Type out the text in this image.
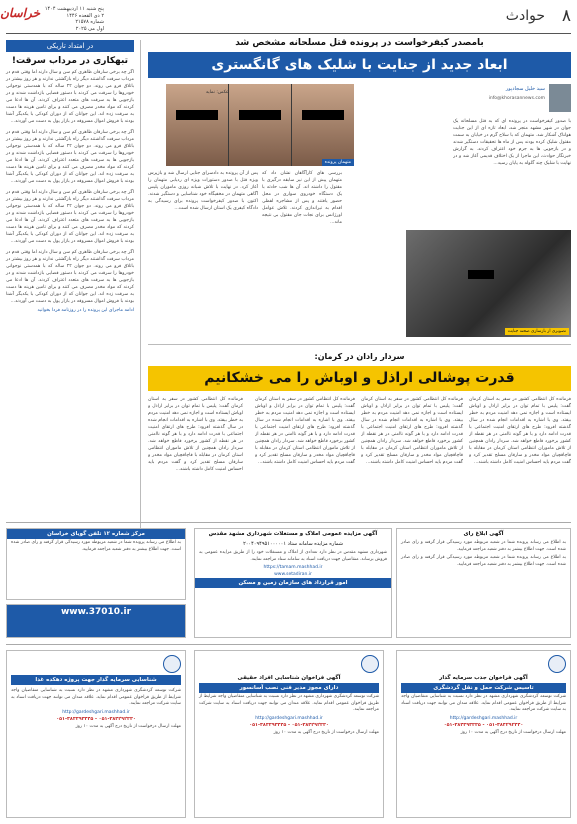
۸
حوادث
خراسان پنج شنبه ۱۱ اردیبهشت ۱۴۰۴
۲ ذی القعده ۱۴۴۶
شماره ۲۱۵۷۸
اول می ۲۰۲۵
در امتداد تاریکی
تبهکاری در مرداب سرقت!
اگر چه برخی سارقان ظاهری کم سن و سال دارند اما وقتی قدم در مرداب سرقت گذاشتند دیگر راه بازگشتی ندارند و هر روز بیشتر در باتلاق فرو می روند. دو جوان ۲۲ ساله که با همدستی نوجوانی خودروها را سرقت می کردند با دستور قضایی بازداشت شدند و در بازجویی ها به سرقت های متعدد اعتراف کردند. آن ها ادعا می کردند که مواد مخدر مصرف می کنند و برای تامین هزینه ها دست به سرقت زده اند. این جوانان که از دوران کودکی با یکدیگر آشنا بودند با فروش اموال مسروقه در بازار پول به دست می آوردند...
اگر چه برخی سارقان ظاهری کم سن و سال دارند اما وقتی قدم در مرداب سرقت گذاشتند دیگر راه بازگشتی ندارند و هر روز بیشتر در باتلاق فرو می روند. دو جوان ۲۲ ساله که با همدستی نوجوانی خودروها را سرقت می کردند با دستور قضایی بازداشت شدند و در بازجویی ها به سرقت های متعدد اعتراف کردند. آن ها ادعا می کردند که مواد مخدر مصرف می کنند و برای تامین هزینه ها دست به سرقت زده اند. این جوانان که از دوران کودکی با یکدیگر آشنا بودند با فروش اموال مسروقه در بازار پول به دست می آوردند...
اگر چه برخی سارقان ظاهری کم سن و سال دارند اما وقتی قدم در مرداب سرقت گذاشتند دیگر راه بازگشتی ندارند و هر روز بیشتر در باتلاق فرو می روند. دو جوان ۲۲ ساله که با همدستی نوجوانی خودروها را سرقت می کردند با دستور قضایی بازداشت شدند و در بازجویی ها به سرقت های متعدد اعتراف کردند. آن ها ادعا می کردند که مواد مخدر مصرف می کنند و برای تامین هزینه ها دست به سرقت زده اند. این جوانان که از دوران کودکی با یکدیگر آشنا بودند با فروش اموال مسروقه در بازار پول به دست می آوردند...
اگر چه برخی سارقان ظاهری کم سن و سال دارند اما وقتی قدم در مرداب سرقت گذاشتند دیگر راه بازگشتی ندارند و هر روز بیشتر در باتلاق فرو می روند. دو جوان ۲۲ ساله که با همدستی نوجوانی خودروها را سرقت می کردند با دستور قضایی بازداشت شدند و در بازجویی ها به سرقت های متعدد اعتراف کردند. آن ها ادعا می کردند که مواد مخدر مصرف می کنند و برای تامین هزینه ها دست به سرقت زده اند. این جوانان که از دوران کودکی با یکدیگر آشنا بودند با فروش اموال مسروقه در بازار پول به دست می آوردند...
ادامه ماجرای این پرونده را در روزنامه فردا بخوانید
بامصدر کیفرخواست در پرونده قتل مسلحانه مشخص شد
ابعاد جدید از جنایت با شلیک های گانگستری
سید خلیل سجادپور
info@khorasannews.com
متهمان پرونده
عکس: نمایه
با صدور کیفرخواست در پرونده ای که به قتل مسلحانه یک جوان در شهر مشهد منجر شد، ابعاد تازه ای از این جنایت هولناک آشکار شد. متهمان که با سلاح گرم در خیابان به سمت مقتول شلیک کرده بودند پس از ماه ها تحقیقات دستگیر شدند و در بازجویی ها به جرم خود اعتراف کردند. به گزارش خبرنگار حوادث، این ماجرا از یک اختلاف قدیمی آغاز شد و در نهایت با شلیک چند گلوله به پایان رسید...
پس از آن پرونده به دادسرای جنایی ارسال شد و بازپرس ویژه قتل با صدور دستورات ویژه ای ردیابی متهمان را آغاز کرد. در نهایت با تلاش شبانه روزی ماموران پلیس آگاهی متهمان در مخفیگاه خود شناسایی و دستگیر شدند. اکنون با صدور کیفرخواست پرونده برای رسیدگی به دادگاه کیفری یک استان ارسال شده است...
بررسی های کارآگاهان نشان داد که متهمان پیش از این نیز سابقه درگیری با مقتول را داشته اند. آن ها شب حادثه با یک دستگاه خودروی سواری در محل حضور یافتند و پس از مشاجره لفظی اقدام به تیراندازی کردند. تلاش عوامل اورژانس برای نجات جان مقتول بی نتیجه ماند...
تصویری از بازسازی صحنه جنایت
سردار رادان در کرمان:
قدرت پوشالی اراذل و اوباش را می خشکانیم
فرمانده کل انتظامی کشور در سفر به استان کرمان گفت: پلیس با تمام توان در برابر اراذل و اوباش ایستاده است و اجازه نمی دهد امنیت مردم به خطر بیفتد. وی با اشاره به اقدامات انجام شده در سال گذشته افزود: طرح های ارتقای امنیت اجتماعی با قدرت ادامه دارد و با هر گونه ناامنی در هر نقطه از کشور برخورد قاطع خواهد شد. سردار رادان همچنین از تلاش ماموران انتظامی استان کرمان در مقابله با قاچاقچیان مواد مخدر و سارقان مسلح تقدیر کرد و گفت مردم باید احساس امنیت کامل داشته باشند...
فرمانده کل انتظامی کشور در سفر به استان کرمان گفت: پلیس با تمام توان در برابر اراذل و اوباش ایستاده است و اجازه نمی دهد امنیت مردم به خطر بیفتد. وی با اشاره به اقدامات انجام شده در سال گذشته افزود: طرح های ارتقای امنیت اجتماعی با قدرت ادامه دارد و با هر گونه ناامنی در هر نقطه از کشور برخورد قاطع خواهد شد. سردار رادان همچنین از تلاش ماموران انتظامی استان کرمان در مقابله با قاچاقچیان مواد مخدر و سارقان مسلح تقدیر کرد و گفت مردم باید احساس امنیت کامل داشته باشند...
فرمانده کل انتظامی کشور در سفر به استان کرمان گفت: پلیس با تمام توان در برابر اراذل و اوباش ایستاده است و اجازه نمی دهد امنیت مردم به خطر بیفتد. وی با اشاره به اقدامات انجام شده در سال گذشته افزود: طرح های ارتقای امنیت اجتماعی با قدرت ادامه دارد و با هر گونه ناامنی در هر نقطه از کشور برخورد قاطع خواهد شد. سردار رادان همچنین از تلاش ماموران انتظامی استان کرمان در مقابله با قاچاقچیان مواد مخدر و سارقان مسلح تقدیر کرد و گفت مردم باید احساس امنیت کامل داشته باشند...
فرمانده کل انتظامی کشور در سفر به استان کرمان گفت: پلیس با تمام توان در برابر اراذل و اوباش ایستاده است و اجازه نمی دهد امنیت مردم به خطر بیفتد. وی با اشاره به اقدامات انجام شده در سال گذشته افزود: طرح های ارتقای امنیت اجتماعی با قدرت ادامه دارد و با هر گونه ناامنی در هر نقطه از کشور برخورد قاطع خواهد شد. سردار رادان همچنین از تلاش ماموران انتظامی استان کرمان در مقابله با قاچاقچیان مواد مخدر و سارقان مسلح تقدیر کرد و گفت مردم باید احساس امنیت کامل داشته باشند...
آگهی مزایده عمومی املاک و مستغلات شهرداری مشهد مقدس
شماره مزایده سامانه ستاد ۲۰۰۴۰۹۴۹۵۱۰۰۰۰۰۱
شهرداری مشهد مقدس در نظر دارد تعدادی از املاک و مستغلات خود را از طریق مزایده عمومی به فروش برساند. متقاضیان جهت دریافت اسناد به سامانه ستاد مراجعه نمایند.
https://tamam.mashhad.ir
www.setadiran.ir
امور قرارداد های سازمان زمین و مسکن
آگهی ابلاغ رای
به اطلاع می رساند پرونده شما در شعبه مربوطه مورد رسیدگی قرار گرفته و رای صادر شده است. جهت اطلاع بیشتر به دفتر شعبه مراجعه فرمایید.
به اطلاع می رساند پرونده شما در شعبه مربوطه مورد رسیدگی قرار گرفته و رای صادر شده است. جهت اطلاع بیشتر به دفتر شعبه مراجعه فرمایید.
مرکز شماره ۱۲ تلفن گویای خراسان
به اطلاع می رساند پرونده شما در شعبه مربوطه مورد رسیدگی قرار گرفته و رای صادر شده است. جهت اطلاع بیشتر به دفتر شعبه مراجعه فرمایید.
www.37010.ir
شناسایی سرمایه گذار جهت پروژه دهکده غذا
شرکت توسعه گردشگری شهرداری مشهد در نظر دارد نسبت به شناسایی متقاضیان واجد شرایط از طریق فراخوان عمومی اقدام نماید. علاقه مندان می توانند جهت دریافت اسناد به سایت شرکت مراجعه نمایند.
http://gardeshgari.mashhad.ir
۰۵۱-۳۸۴۲۹۲۴۴۰ - ۰۵۱-۳۸۴۳۹۳۴۴۵
مهلت ارسال درخواست از تاریخ درج آگهی به مدت ۱۰ روز
آگهی فراخوان شناسایی افراد حقیقی
دارای مجوز مدیر فنی نصب آسانسور
شرکت توسعه گردشگری شهرداری مشهد در نظر دارد نسبت به شناسایی متقاضیان واجد شرایط از طریق فراخوان عمومی اقدام نماید. علاقه مندان می توانند جهت دریافت اسناد به سایت شرکت مراجعه نمایند.
http://gardeshgari.mashhad.ir
۰۵۱-۳۸۴۲۹۲۴۴۰ - ۰۵۱-۳۸۴۳۹۳۴۴۵
مهلت ارسال درخواست از تاریخ درج آگهی به مدت ۱۰ روز
آگهی فراخوان جذب سرمایه گذار
تاسیس شرکت حمل و نقل گردشگری
شرکت توسعه گردشگری شهرداری مشهد در نظر دارد نسبت به شناسایی متقاضیان واجد شرایط از طریق فراخوان عمومی اقدام نماید. علاقه مندان می توانند جهت دریافت اسناد به سایت شرکت مراجعه نمایند.
http://gardeshgari.mashhad.ir
۰۵۱-۳۸۴۲۹۲۴۴۰ - ۰۵۱-۳۸۴۳۹۳۴۴۵
مهلت ارسال درخواست از تاریخ درج آگهی به مدت ۱۰ روز
